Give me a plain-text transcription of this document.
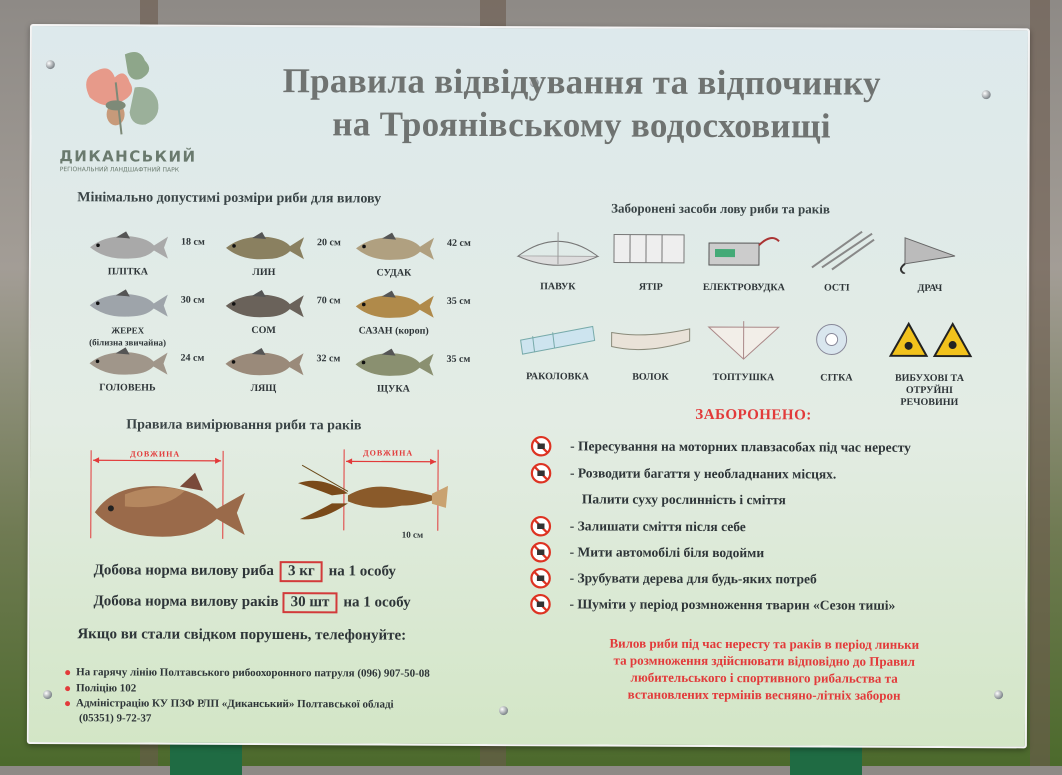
ДИКАНСЬКИЙ
РЕГІОНАЛЬНИЙ ЛАНДШАФТНИЙ ПАРК
Правила відвідування та відпочинку
на Троянівському водосховищі
Мінімально допустимі розміри риби для вилову
Правила вимірювання риби та раків
ДОВЖИНА	ДОВЖИНА
10 см
Добова норма вилову риба 3 кг на 1 особу
Добова норма вилову раків 30 шт на 1 особу
Якщо ви стали свідком порушень, телефонуйте:
Заборонені засоби лову риби та раків
ЗАБОРОНЕНО:
Вилов риби під час нересту та раків в період линьки
та розмноження здійснювати відповідно до Правил
любительського і спортивного рибальства та
встановлених термінів весняно-літніх заборон
ПЛІТКА
18 см
ЛИН
20 см
СУДАК
42 см
ЖЕРЕХ
(білизна звичайна)
30 см
СОМ
70 см
САЗАН (короп)
35 см
ГОЛОВЕНЬ
24 см
ЛЯЩ
32 см
ЩУКА
35 см
ПАВУК	ЯТІР	ЕЛЕКТРОВУДКА	ОСТІ	ДРАЧ
РАКОЛОВКА	ВОЛОК	ТОПТУШКА	СІТКА	ВИБУХОВІ ТА
ОТРУЙНІ РЕЧОВИНИ
- Пересування на моторних плавзасобах під час нересту
- Розводити багаття у необладнаних місцях.
Палити суху рослинність і сміття
- Залишати сміття після себе
- Мити автомобілі біля водойми
- Зрубувати дерева для будь-яких потреб
- Шуміти у період розмноження тварин «Сезон тиші»
На гарячу лінію Полтавського рибоохоронного патруля (096) 907-50-08
Поліцію 102
Адміністрацію КУ ПЗФ РЛП «Диканський» Полтавської обладі
(05351) 9-72-37
